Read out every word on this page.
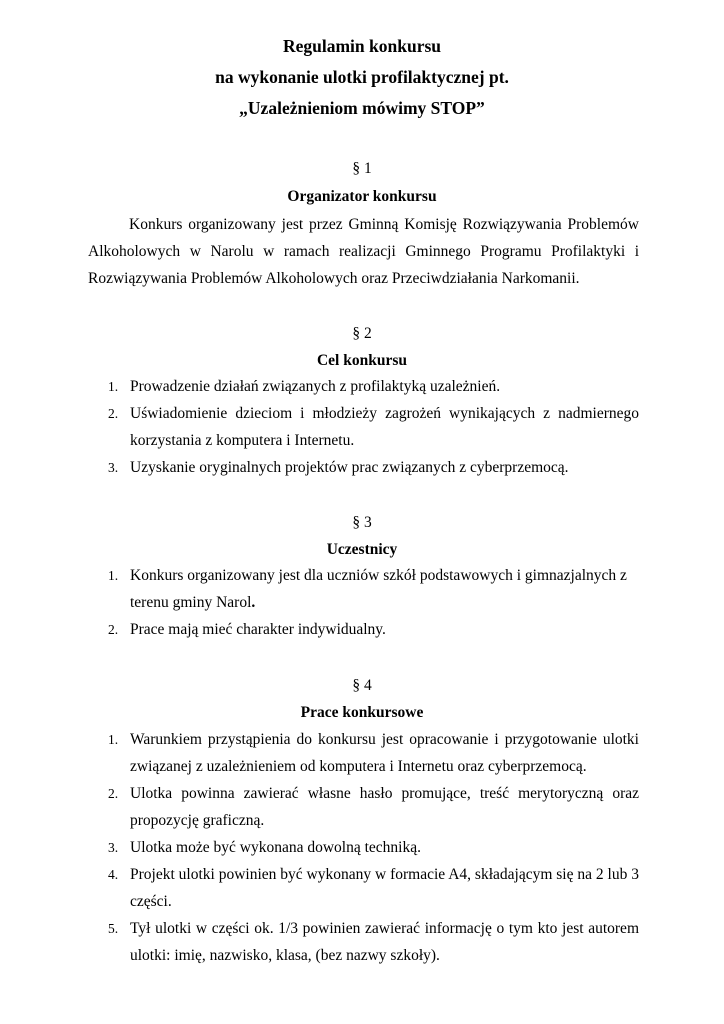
Regulamin konkursu
na wykonanie ulotki profilaktycznej pt.
„Uzależnieniom mówimy STOP”
§ 1
Organizator konkursu

Konkurs organizowany jest przez Gminną Komisję Rozwiązywania Problemów Alkoholowych w Narolu w ramach realizacji Gminnego Programu Profilaktyki i Rozwiązywania Problemów Alkoholowych oraz Przeciwdziałania Narkomanii.

§ 2
Cel konkursu
1. Prowadzenie działań związanych z profilaktyką uzależnień.
2. Uświadomienie dzieciom i młodzieży zagrożeń wynikających z nadmiernego korzystania z komputera i Internetu.
3. Uzyskanie oryginalnych projektów prac związanych z cyberprzemocą.
§ 3
Uczestnicy
1. Konkurs organizowany jest dla uczniów szkół podstawowych i gimnazjalnych z terenu gminy Narol.
2. Prace mają mieć charakter indywidualny.
§ 4
Prace konkursowe
1. Warunkiem przystąpienia do konkursu jest opracowanie i przygotowanie ulotki związanej z uzależnieniem od komputera i Internetu oraz cyberprzemocą.
2. Ulotka powinna zawierać własne hasło promujące, treść merytoryczną oraz propozycję graficzną.
3. Ulotka może być wykonana dowolną techniką.
4. Projekt ulotki powinien być wykonany w formacie A4, składającym się na 2 lub 3 części.
5. Tył ulotki w części ok. 1/3 powinien zawierać informację o tym kto jest autorem ulotki: imię, nazwisko, klasa, (bez nazwy szkoły).
